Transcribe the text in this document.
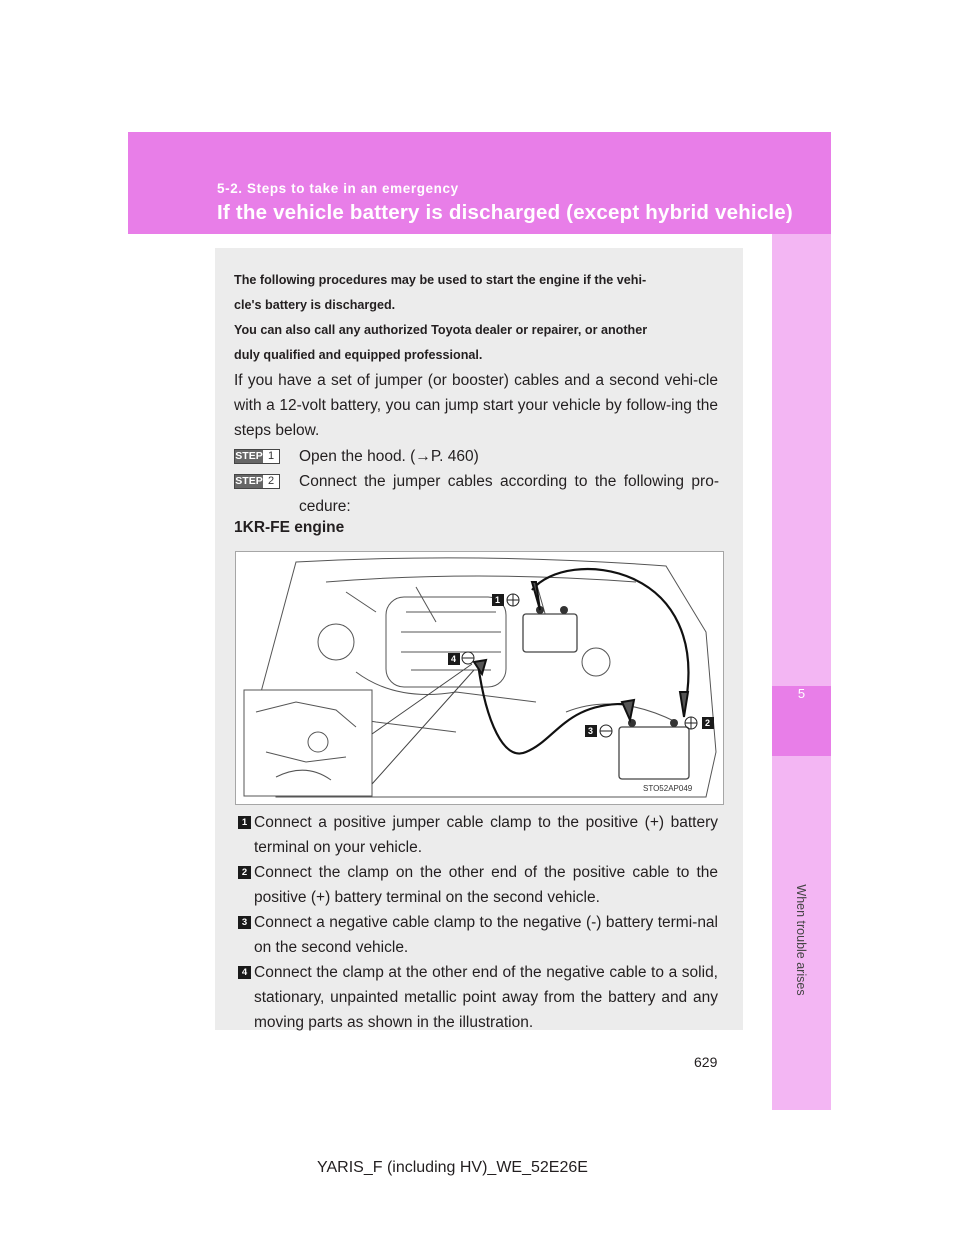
5-2. Steps to take in an emergency
If the vehicle battery is discharged (except hybrid vehicle)
5
When trouble arises
The following procedures may be used to start the engine if the vehi-
cle's battery is discharged.
You can also call any authorized Toyota dealer or repairer, or another
duly qualified and equipped professional.
If you have a set of jumper (or booster) cables and a second vehi-cle with a 12-volt battery, you can jump start your vehicle by follow-ing the steps below.
STEP 1	Open the hood. (→P. 460)
STEP 2	Connect the jumper cables according to the following pro-cedure:
1KR-FE engine
1
2
3
4
STO52AP049
1 Connect a positive jumper cable clamp to the positive (+) battery terminal on your vehicle.
2 Connect the clamp on the other end of the positive cable to the positive (+) battery terminal on the second vehicle.
3 Connect a negative cable clamp to the negative (-) battery termi-nal on the second vehicle.
4 Connect the clamp at the other end of the negative cable to a solid, stationary, unpainted metallic point away from the battery and any moving parts as shown in the illustration.
629
YARIS_F (including HV)_WE_52E26E
